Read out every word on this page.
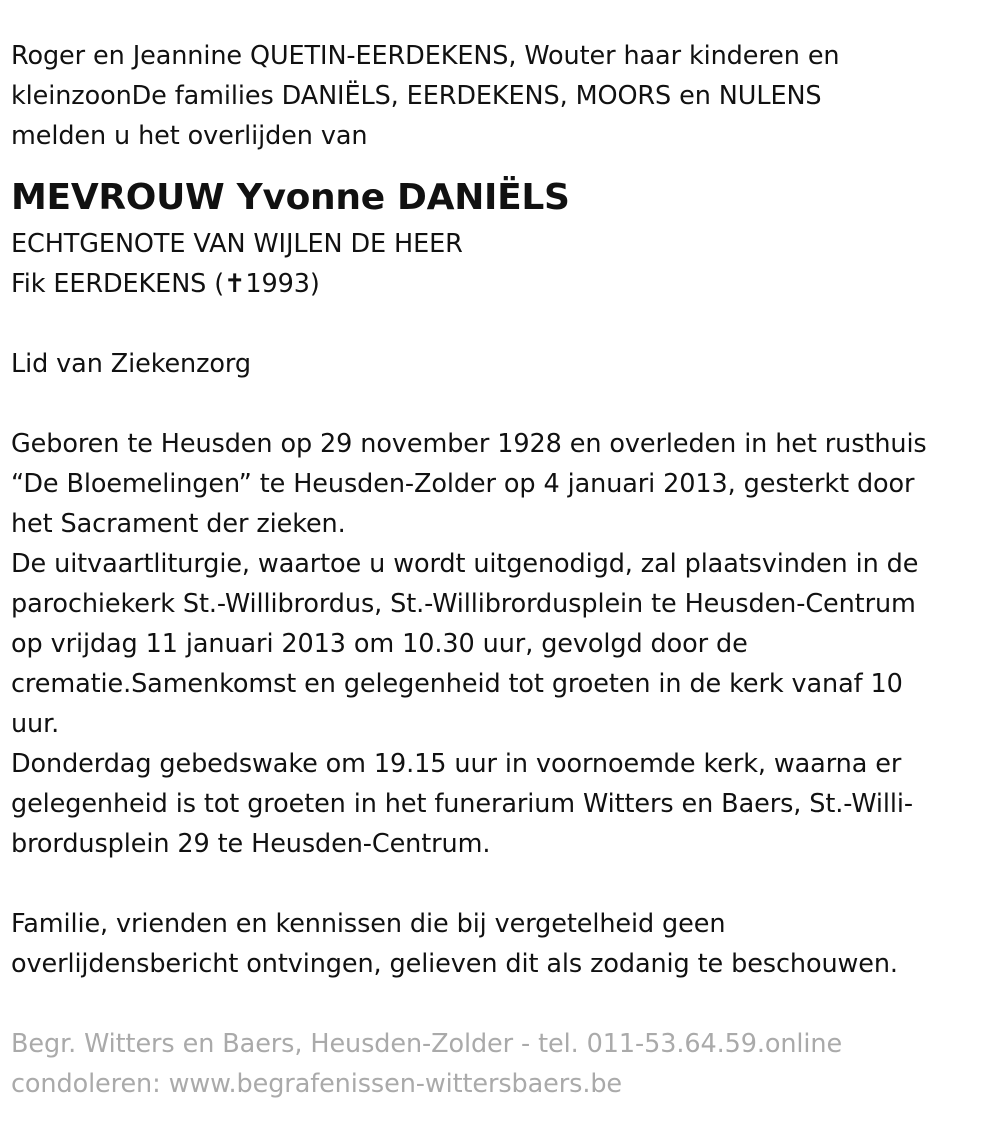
Roger en Jeannine QUETIN-EERDEKENS, Wouter haar kinderen en
kleinzoonDe families DANIËLS, EERDEKENS, MOORS en NULENS
melden u het overlijden van
MEVROUW Yvonne DANIËLS
ECHTGENOTE VAN WIJLEN DE HEER
Fik EERDEKENS (✝1993)
Lid van Ziekenzorg
Geboren te Heusden op 29 november 1928 en overleden in het rusthuis
“De Bloemelingen” te Heusden-Zolder op 4 januari 2013, gesterkt door
het Sacrament der zieken.
De uitvaartliturgie, waartoe u wordt uitgenodigd, zal plaatsvinden in de
parochiekerk St.-Willibrordus, St.-Willibrordusplein te Heusden-Centrum
op vrijdag 11 januari 2013 om 10.30 uur, gevolgd door de
crematie.Samenkomst en gelegenheid tot groeten in de kerk vanaf 10
uur.
Donderdag gebedswake om 19.15 uur in voornoemde kerk, waarna er
gelegenheid is tot groeten in het funerarium Witters en Baers, St.-Willi-
brordusplein 29 te Heusden-Centrum.
Familie, vrienden en kennissen die bij vergetelheid geen
overlijdensbericht ontvingen, gelieven dit als zodanig te beschouwen.
Begr. Witters en Baers, Heusden-Zolder - tel. 011-53.64.59.online
condoleren: www.begrafenissen-wittersbaers.be
